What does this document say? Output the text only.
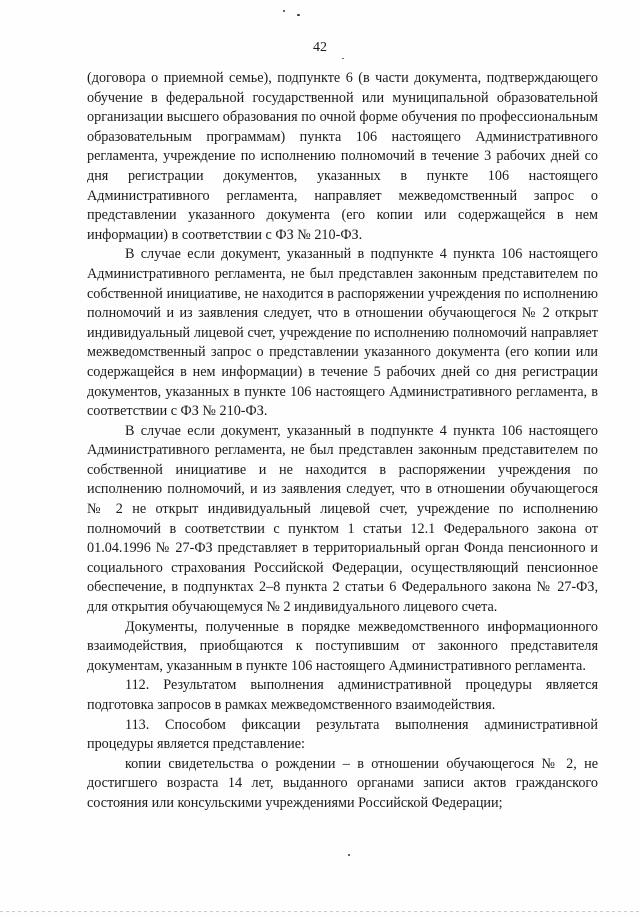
42

(договора о приемной семье), подпункте 6 (в части документа, подтверждающего обучение в федеральной государственной или муниципальной образовательной организации высшего образования по очной форме обучения по профессиональным образовательным программам) пункта 106 настоящего Административного регламента, учреждение по исполнению полномочий в течение 3 рабочих дней со дня регистрации документов, указанных в пункте 106 настоящего Административного регламента, направляет межведомственный запрос о представлении указанного документа (его копии или содержащейся в нем информации) в соответствии с ФЗ № 210-ФЗ.

В случае если документ, указанный в подпункте 4 пункта 106 настоящего Административного регламента, не был представлен законным представителем по собственной инициативе, не находится в распоряжении учреждения по исполнению полномочий и из заявления следует, что в отношении обучающегося № 2 открыт индивидуальный лицевой счет, учреждение по исполнению полномочий направляет межведомственный запрос о представлении указанного документа (его копии или содержащейся в нем информации) в течение 5 рабочих дней со дня регистрации документов, указанных в пункте 106 настоящего Административного регламента, в соответствии с ФЗ № 210-ФЗ.

В случае если документ, указанный в подпункте 4 пункта 106 настоящего Административного регламента, не был представлен законным представителем по собственной инициативе и не находится в распоряжении учреждения по исполнению полномочий, и из заявления следует, что в отношении обучающегося № 2 не открыт индивидуальный лицевой счет, учреждение по исполнению полномочий в соответствии с пунктом 1 статьи 12.1 Федерального закона от 01.04.1996 № 27-ФЗ представляет в территориальный орган Фонда пенсионного и социального страхования Российской Федерации, осуществляющий пенсионное обеспечение, в подпунктах 2–8 пункта 2 статьи 6 Федерального закона № 27-ФЗ, для открытия обучающемуся № 2 индивидуального лицевого счета.

Документы, полученные в порядке межведомственного информационного взаимодействия, приобщаются к поступившим от законного представителя документам, указанным в пункте 106 настоящего Административного регламента.

112. Результатом выполнения административной процедуры является подготовка запросов в рамках межведомственного взаимодействия.

113. Способом фиксации результата выполнения административной процедуры является представление:

копии свидетельства о рождении – в отношении обучающегося № 2, не достигшего возраста 14 лет, выданного органами записи актов гражданского состояния или консульскими учреждениями Российской Федерации;
